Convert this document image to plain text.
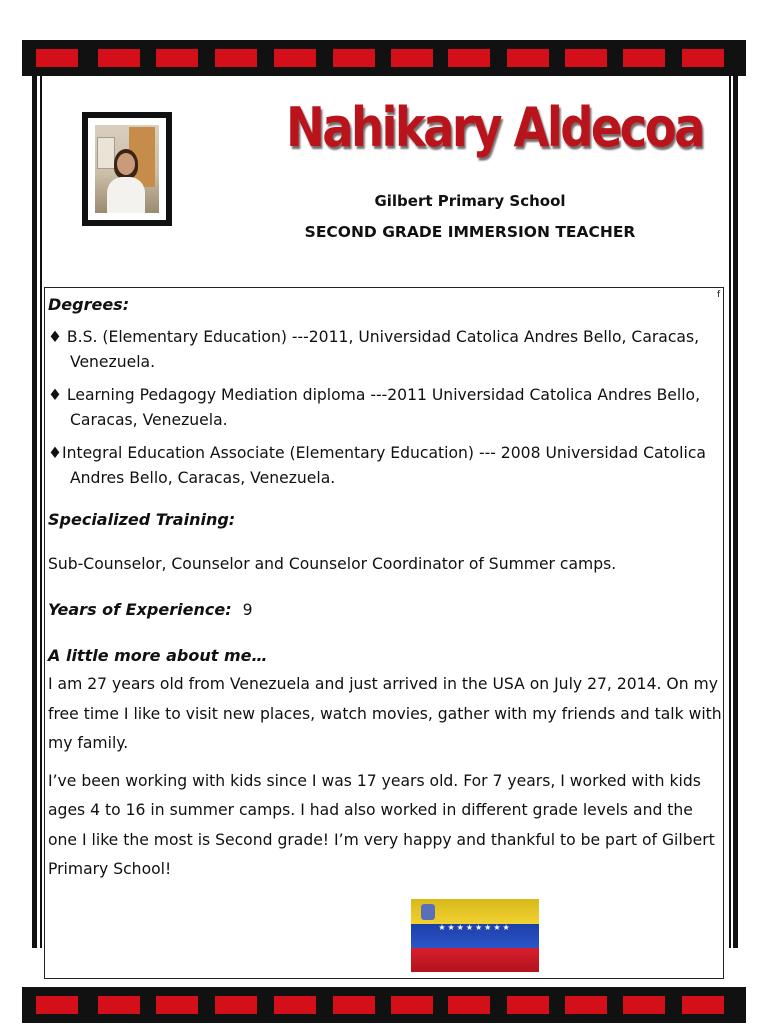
Nahikary Aldecoa
Gilbert Primary School
SECOND GRADE IMMERSION TEACHER
f

Degrees:

♦ B.S. (Elementary Education) ---2011, Universidad Catolica Andres Bello, Caracas, Venezuela.

♦ Learning Pedagogy Mediation diploma ---2011 Universidad Catolica Andres Bello, Caracas, Venezuela.

♦Integral Education Associate (Elementary Education) --- 2008 Universidad Catolica Andres Bello, Caracas, Venezuela.

Specialized Training:

Sub-Counselor, Counselor and Counselor Coordinator of Summer camps.

Years of Experience: 9

A little more about me…

I am 27 years old from Venezuela and just arrived in the USA on July 27, 2014. On my free time I like to visit new places, watch movies, gather with my friends and talk with my family.

I’ve been working with kids since I was 17 years old. For 7 years, I worked with kids ages 4 to 16 in summer camps. I had also worked in different grade levels and the one I like the most is Second grade! I’m very happy and thankful to be part of Gilbert Primary School!

★★★★★★★★
